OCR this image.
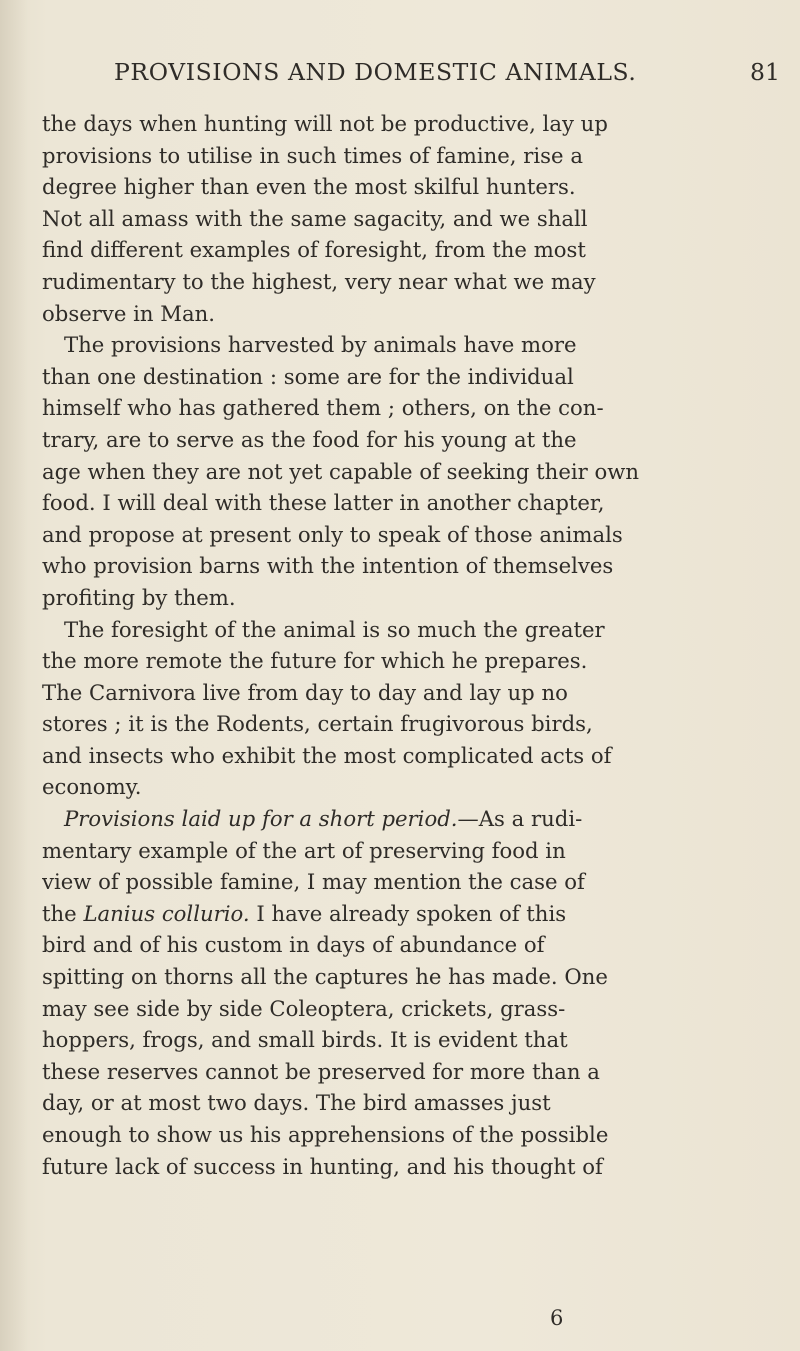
PROVISIONS AND DOMESTIC ANIMALS.	81
the days when hunting will not be productive, lay up
provisions to utilise in such times of famine, rise a
degree higher than even the most skilful hunters.
Not all amass with the same sagacity, and we shall
find different examples of foresight, from the most
rudimentary to the highest, very near what we may
observe in Man.
The provisions harvested by animals have more
than one destination : some are for the individual
himself who has gathered them ; others, on the con-
trary, are to serve as the food for his young at the
age when they are not yet capable of seeking their own
food. I will deal with these latter in another chapter,
and propose at present only to speak of those animals
who provision barns with the intention of themselves
profiting by them.
The foresight of the animal is so much the greater
the more remote the future for which he prepares.
The Carnivora live from day to day and lay up no
stores ; it is the Rodents, certain frugivorous birds,
and insects who exhibit the most complicated acts of
economy.
Provisions laid up for a short period.—As a rudi-
mentary example of the art of preserving food in
view of possible famine, I may mention the case of
the Lanius collurio. I have already spoken of this
bird and of his custom in days of abundance of
spitting on thorns all the captures he has made. One
may see side by side Coleoptera, crickets, grass-
hoppers, frogs, and small birds. It is evident that
these reserves cannot be preserved for more than a
day, or at most two days. The bird amasses just
enough to show us his apprehensions of the possible
future lack of success in hunting, and his thought of
6
